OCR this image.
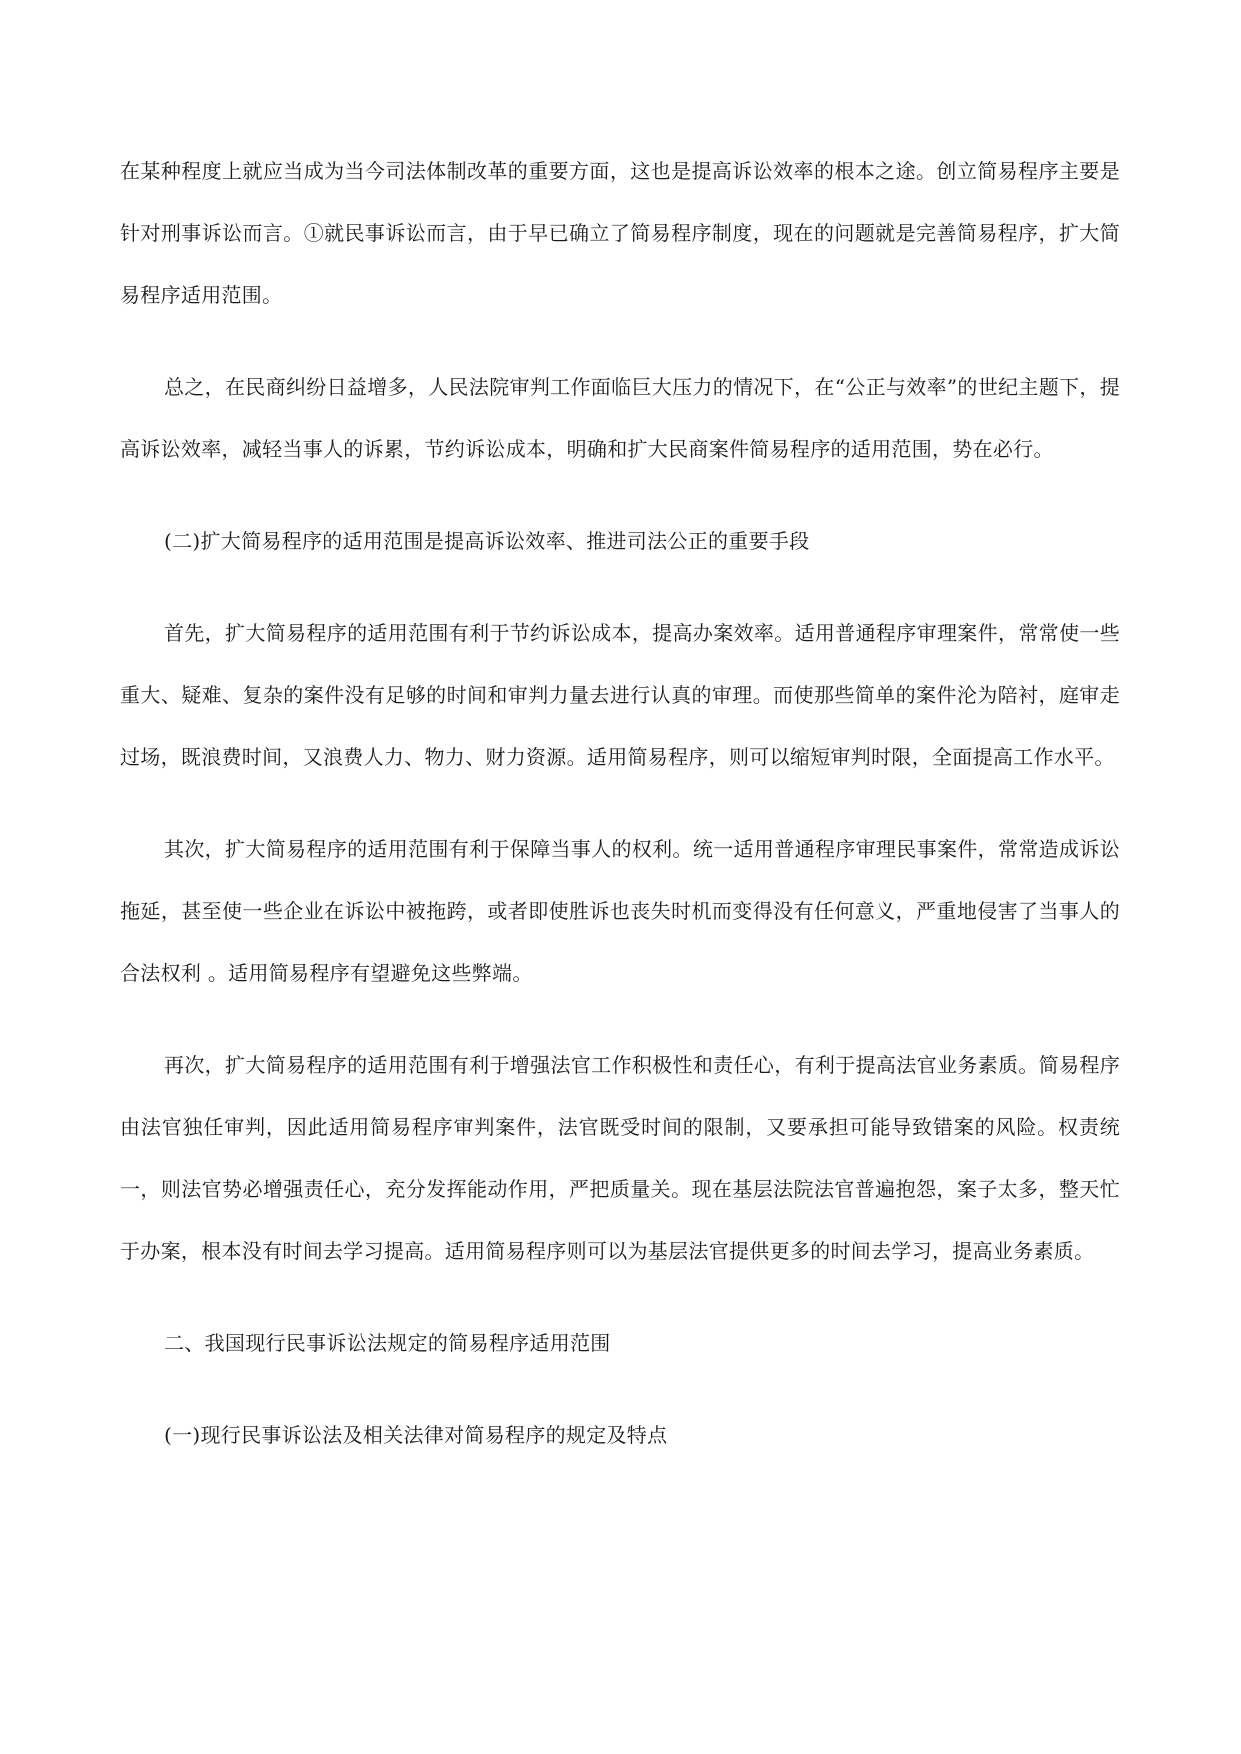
在某种程度上就应当成为当今司法体制改革的重要方面，这也是提高诉讼效率的根本之途。创立简易程序主要是针对刑事诉讼而言。①就民事诉讼而言，由于早已确立了简易程序制度，现在的问题就是完善简易程序，扩大简易程序适用范围。

总之，在民商纠纷日益增多，人民法院审判工作面临巨大压力的情况下，在“公正与效率”的世纪主题下，提高诉讼效率，减轻当事人的诉累，节约诉讼成本，明确和扩大民商案件简易程序的适用范围，势在必行。

(二)扩大简易程序的适用范围是提高诉讼效率、推进司法公正的重要手段

首先，扩大简易程序的适用范围有利于节约诉讼成本，提高办案效率。适用普通程序审理案件，常常使一些重大、疑难、复杂的案件没有足够的时间和审判力量去进行认真的审理。而使那些简单的案件沦为陪衬，庭审走过场，既浪费时间，又浪费人力、物力、财力资源。适用简易程序，则可以缩短审判时限，全面提高工作水平。

其次，扩大简易程序的适用范围有利于保障当事人的权利。统一适用普通程序审理民事案件，常常造成诉讼拖延，甚至使一些企业在诉讼中被拖跨，或者即使胜诉也丧失时机而变得没有任何意义，严重地侵害了当事人的合法权利 。适用简易程序有望避免这些弊端。

再次，扩大简易程序的适用范围有利于增强法官工作积极性和责任心，有利于提高法官业务素质。简易程序由法官独任审判，因此适用简易程序审判案件，法官既受时间的限制，又要承担可能导致错案的风险。权责统一，则法官势必增强责任心，充分发挥能动作用，严把质量关。现在基层法院法官普遍抱怨，案子太多，整天忙于办案，根本没有时间去学习提高。适用简易程序则可以为基层法官提供更多的时间去学习，提高业务素质。

二、我国现行民事诉讼法规定的简易程序适用范围

(一)现行民事诉讼法及相关法律对简易程序的规定及特点
